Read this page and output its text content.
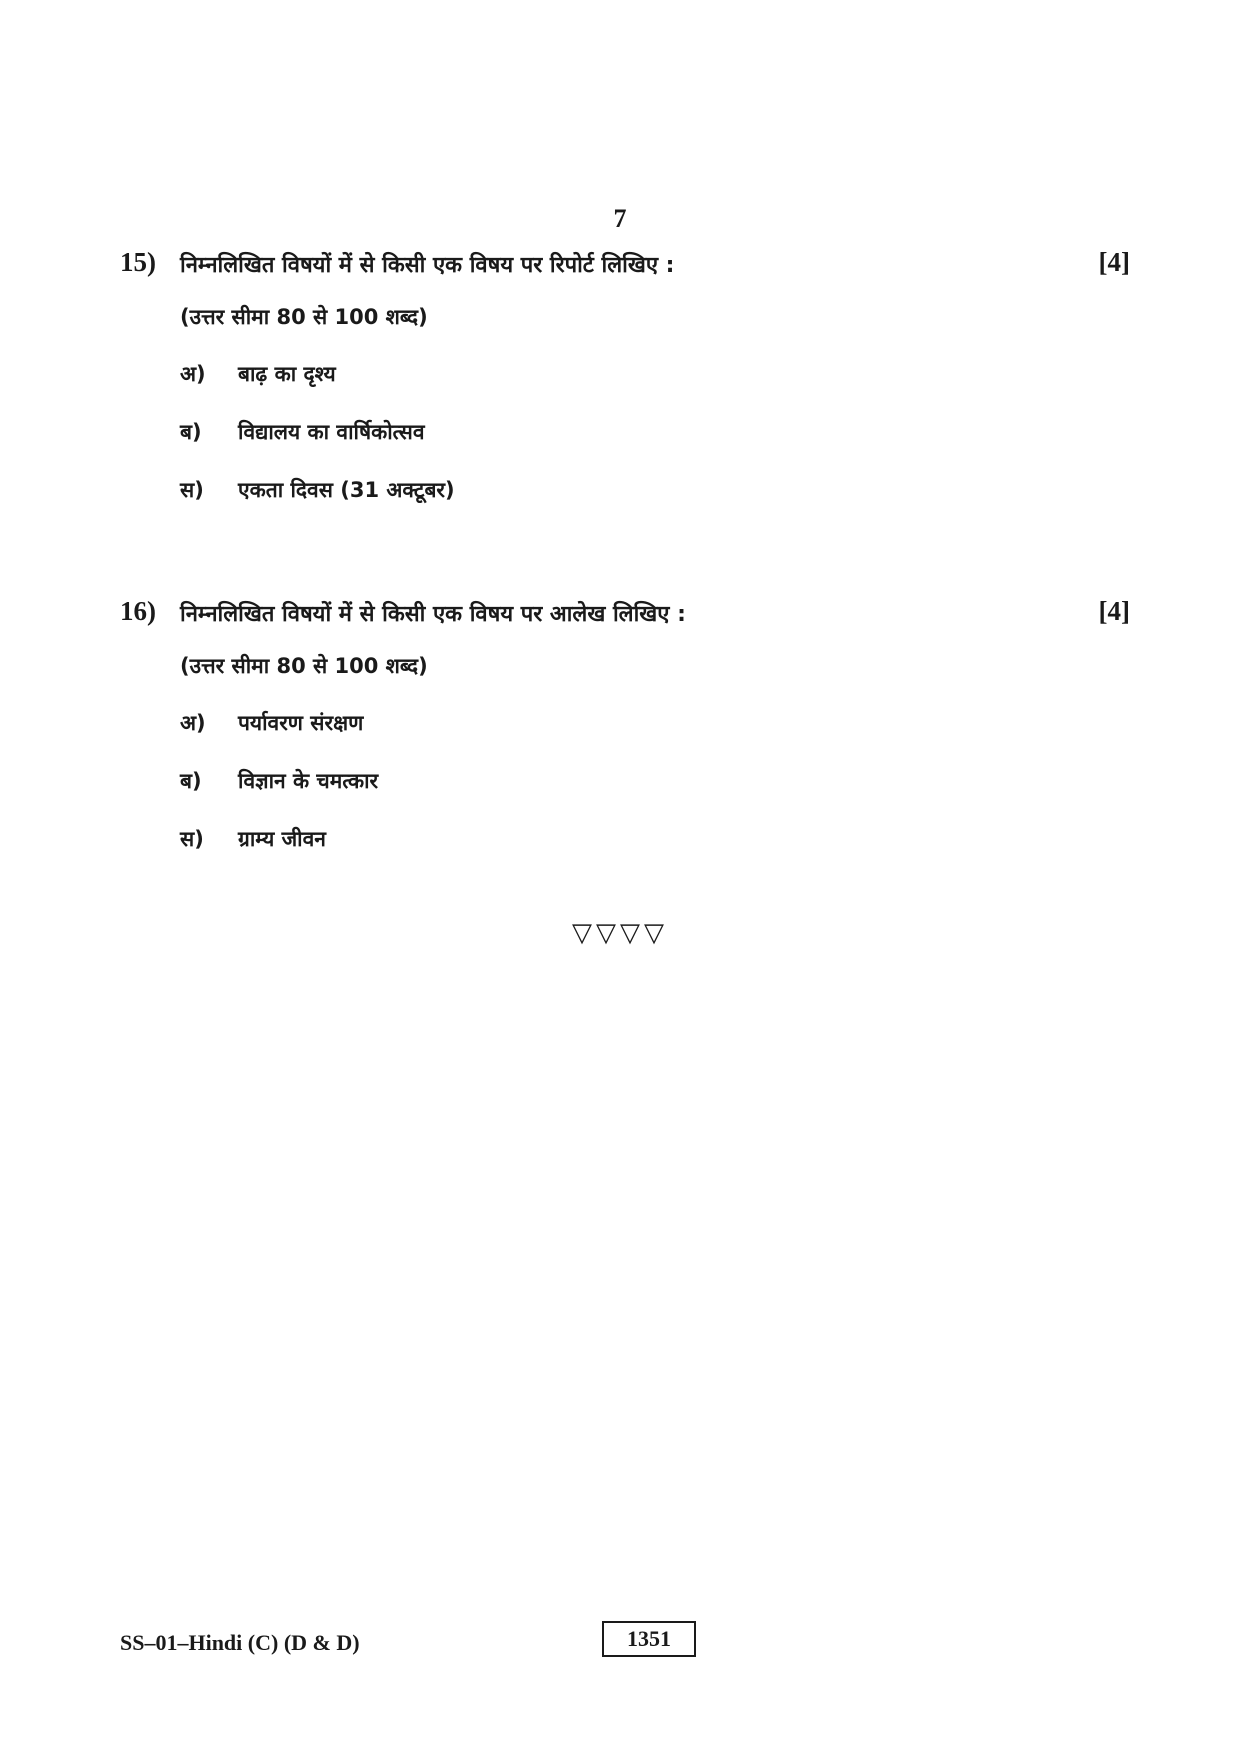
7
15) निम्नलिखित विषयों में से किसी एक विषय पर रिपोर्ट लिखिए :	[4]
(उत्तर सीमा 80 से 100 शब्द)
अ) बाढ़ का दृश्य
ब) विद्यालय का वार्षिकोत्सव
स) एकता दिवस (31 अक्टूबर)
16) निम्नलिखित विषयों में से किसी एक विषय पर आलेख लिखिए :	[4]
(उत्तर सीमा 80 से 100 शब्द)
अ) पर्यावरण संरक्षण
ब) विज्ञान के चमत्कार
स) ग्राम्य जीवन
▽▽▽▽
SS–01–Hindi (C) (D & D)	1351
